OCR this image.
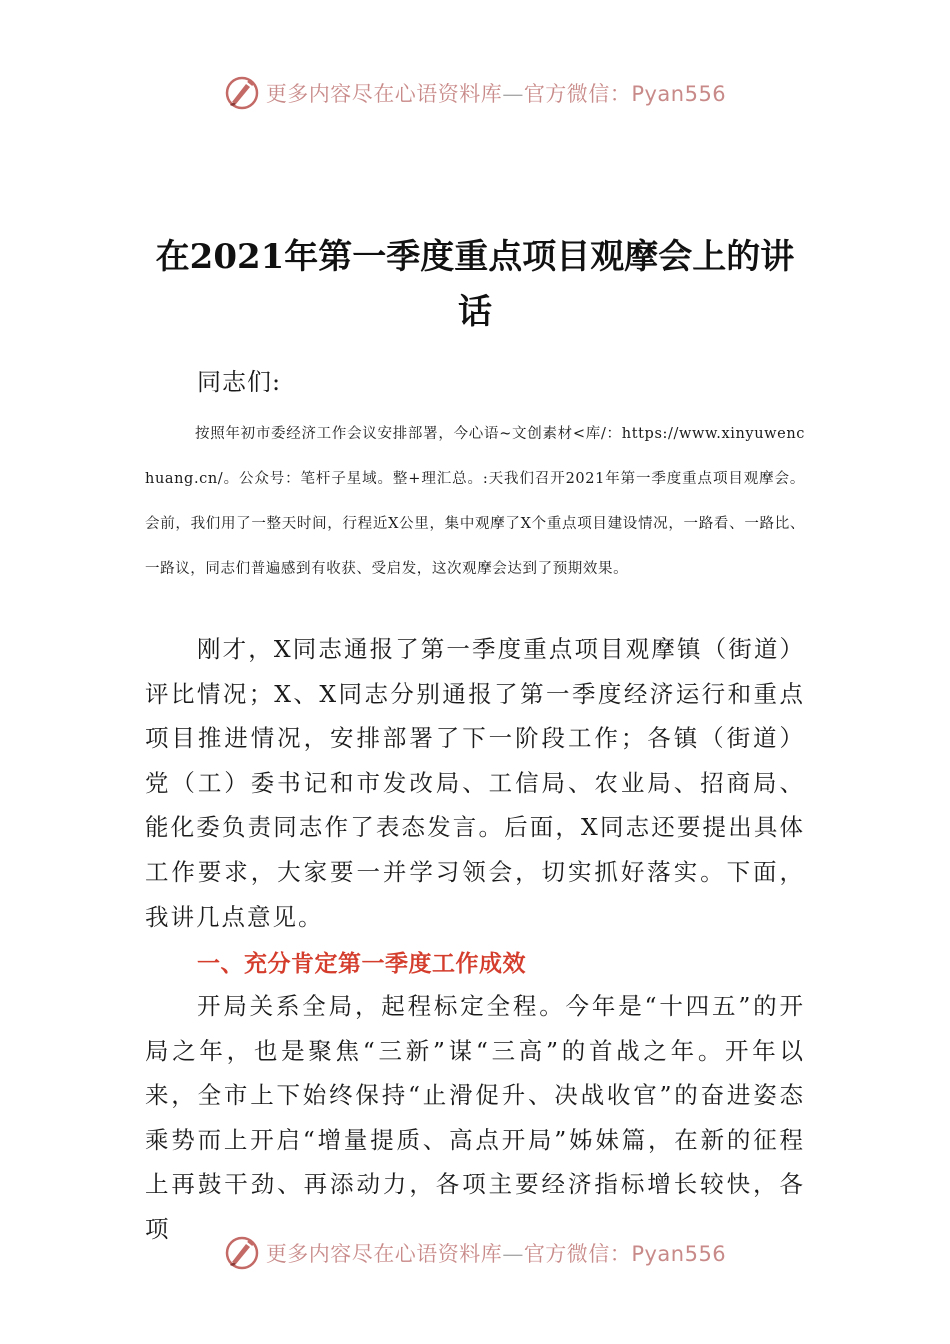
更多内容尽在心语资料库—官方微信：Pyan556
在2021年第一季度重点项目观摩会上的讲话

同志们:

按照年初市委经济工作会议安排部署，今心语~文创素材<库/：https://www.xinyuwenchuang.cn/。公众号：笔杆子星域。整+理汇总。:天我们召开2021年第一季度重点项目观摩会。会前，我们用了一整天时间，行程近X公里，集中观摩了X个重点项目建设情况，一路看、一路比、一路议，同志们普遍感到有收获、受启发，这次观摩会达到了预期效果。

刚才，X同志通报了第一季度重点项目观摩镇（街道）评比情况；X、X同志分别通报了第一季度经济运行和重点项目推进情况，安排部署了下一阶段工作；各镇（街道）党（工）委书记和市发改局、工信局、农业局、招商局、能化委负责同志作了表态发言。后面，X同志还要提出具体工作要求，大家要一并学习领会，切实抓好落实。下面，我讲几点意见。

一、充分肯定第一季度工作成效

开局关系全局，起程标定全程。今年是“十四五”的开局之年，也是聚焦“三新”谋“三高”的首战之年。开年以来，全市上下始终保持“止滑促升、决战收官”的奋进姿态乘势而上开启“增量提质、高点开局”姊妹篇，在新的征程上再鼓干劲、再添动力，各项主要经济指标增长较快，各项

更多内容尽在心语资料库—官方微信：Pyan556
